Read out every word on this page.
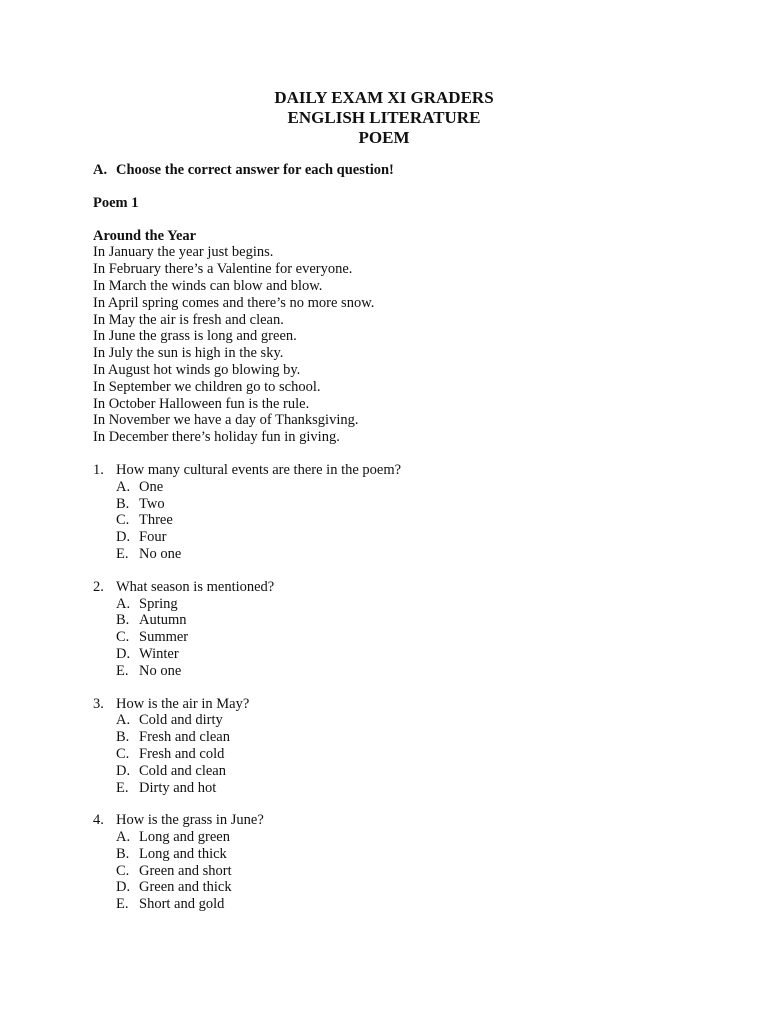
DAILY EXAM XI GRADERS
ENGLISH LITERATURE
POEM
A. Choose the correct answer for each question!
Poem 1
Around the Year
In January the year just begins.
In February there’s a Valentine for everyone.
In March the winds can blow and blow.
In April spring comes and there’s no more snow.
In May the air is fresh and clean.
In June the grass is long and green.
In July the sun is high in the sky.
In August hot winds go blowing by.
In September we children go to school.
In October Halloween fun is the rule.
In November we have a day of Thanksgiving.
In December there’s holiday fun in giving.
1. How many cultural events are there in the poem?
A. One
B. Two
C. Three
D. Four
E. No one
2. What season is mentioned?
A. Spring
B. Autumn
C. Summer
D. Winter
E. No one
3. How is the air in May?
A. Cold and dirty
B. Fresh and clean
C. Fresh and cold
D. Cold and clean
E. Dirty and hot
4. How is the grass in June?
A. Long and green
B. Long and thick
C. Green and short
D. Green and thick
E. Short and gold
